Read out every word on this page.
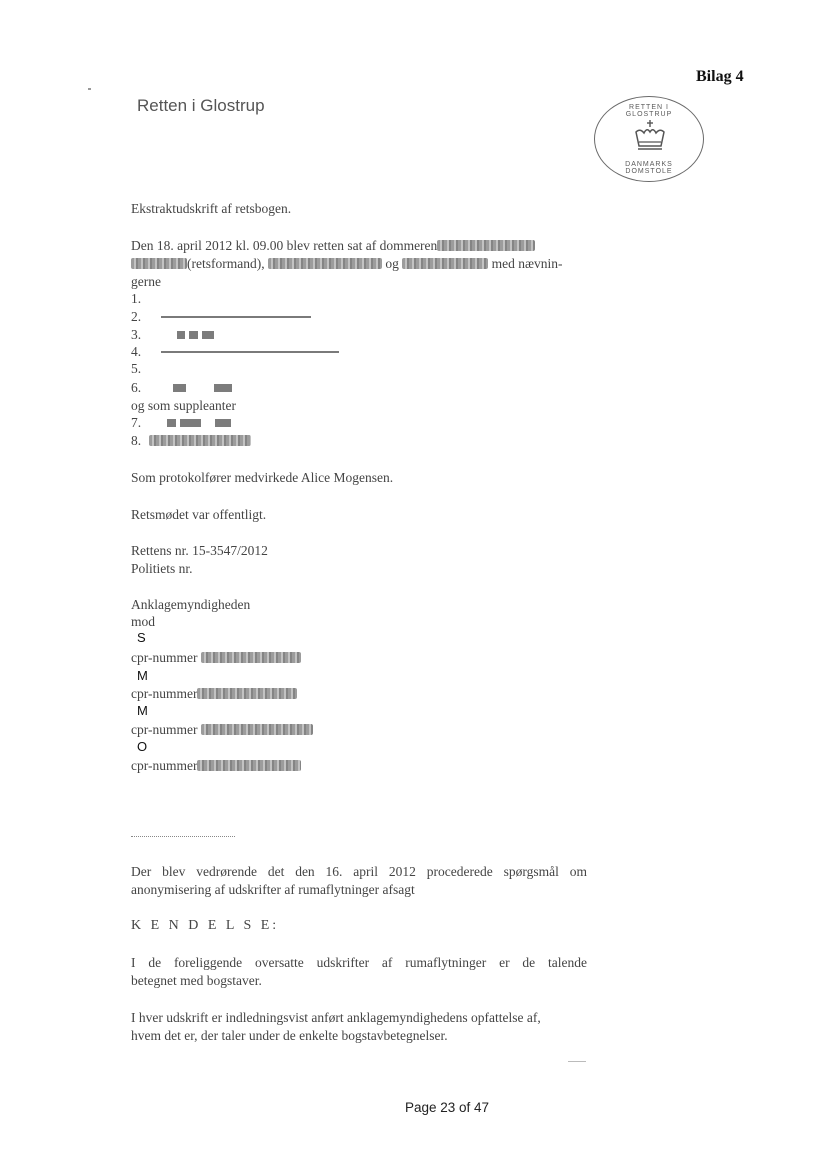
Retten i Glostrup
Bilag 4
RETTEN I GLOSTRUP
DANMARKS DOMSTOLE
Ekstraktudskrift af retsbogen.
Den 18. april 2012 kl. 09.00 blev retten sat af dommeren
(retsformand),	og	med nævnin-
gerne
1.
2.
3.
4.
5.
6.
og som suppleanter
7.
8.
Som protokolfører medvirkede Alice Mogensen.
Retsmødet var offentligt.
Rettens nr. 15-3547/2012
Politiets nr.
Anklagemyndigheden
mod
S
cpr-nummer
M
cpr-nummer
M
cpr-nummer
O
cpr-nummer
Der blev vedrørende det den 16. april 2012 procederede spørgsmål om
anonymisering af udskrifter af rumaflytninger afsagt
K E N D E L S E:
I de foreliggende oversatte udskrifter af rumaflytninger er de talende
betegnet med bogstaver.
I hver udskrift er indledningsvist anført anklagemyndighedens opfattelse af,
hvem det er, der taler under de enkelte bogstavbetegnelser.
Page 23 of 47
